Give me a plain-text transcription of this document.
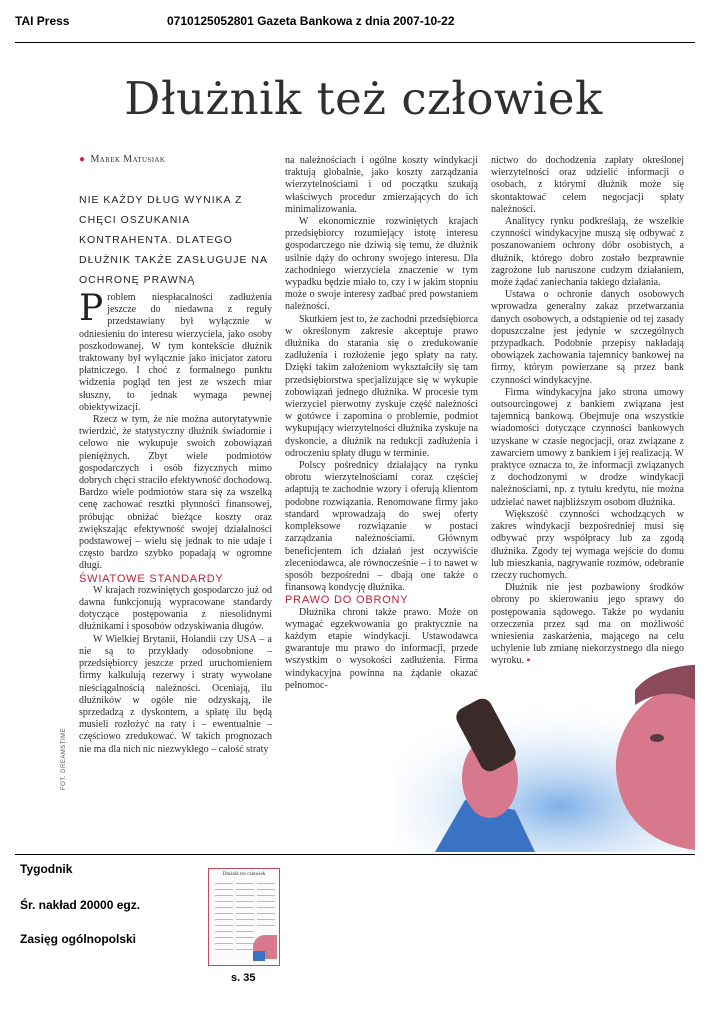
TAI Press	0710125052801 Gazeta Bankowa z dnia 2007-10-22
Dłużnik też człowiek
● Marek Matusiak
NIE KAŻDY DŁUG WYNIKA Z CHĘCI OSZUKANIA KONTRAHENTA. DLATEGO DŁUŻNIK TAKŻE ZASŁUGUJE NA OCHRONĘ PRAWNĄ

Problem niespłacalności zadłużenia jeszcze do niedawna z reguły przedstawiany był wyłącznie w odniesieniu do interesu wierzyciela, jako osoby poszkodowanej. W tym kontekście dłużnik traktowany był wyłącznie jako inicjator zatoru płatniczego. I choć z formalnego punktu widzenia pogląd ten jest ze wszech miar słuszny, to jednak wymaga pewnej obiektywizacji.

Rzecz w tym, że nie można autorytatywnie twierdzić, że statystyczny dłużnik świadomie i celowo nie wykupuje swoich zobowiązań pieniężnych. Zbyt wiele podmiotów gospodarczych i osób fizycznych mimo dobrych chęci straciło efektywność dochodową. Bardzo wiele podmiotów stara się za wszelką cenę zachować resztki płynności finansowej, próbując obniżać bieżące koszty oraz zwiększając efektywność swojej działalności podstawowej – wielu się jednak to nie udaje i często bardzo szybko popadają w ogromne długi.

ŚWIATOWE STANDARDY

W krajach rozwiniętych gospodarczo już od dawna funkcjonują wypracowane standardy dotyczące postępowania z niesolidnymi dłużnikami i sposobów odzyskiwania długów.

W Wielkiej Brytanii, Holandii czy USA – a nie są to przykłady odosobnione – przedsiębiorcy jeszcze przed uruchomieniem firmy kalkulują rezerwy i straty wywołane nieściągalnością należności. Oceniają, ilu dłużników w ogóle nie odzyskają, ile sprzedadzą z dyskontem, a spłatę ilu będą musieli rozłożyć na raty i – ewentualnie – częściowo zredukować. W takich prognozach nie ma dla nich nic niezwykłego – całość straty

FOT. DREAMSTIME

na należnościach i ogólne koszty windykacji traktują globalnie, jako koszty zarządzania wierzytelnościami i od początku szukają właściwych procedur zmierzających do ich minimalizowania.

W ekonomicznie rozwiniętych krajach przedsiębiorcy rozumiejący istotę interesu gospodarczego nie dziwią się temu, że dłużnik usilnie dąży do ochrony swojego interesu. Dla zachodniego wierzyciela znaczenie w tym wypadku będzie miało to, czy i w jakim stopniu może o swoje interesy zadbać pred powstaniem należności.

Skutkiem jest to, że zachodni przedsiębiorca w określonym zakresie akceptuje prawo dłużnika do starania się o zredukowanie zadłużenia i rozłożenie jego spłaty na raty. Dzięki takim założeniom wykształciły się tam przedsiębiorstwa specjalizujące się w wykupie zobowiązań jednego dłużnika. W procesie tym wierzyciel pierwotny zyskuje część należności w gotówce i zapomina o problemie, podmiot wykupujący wierzytelności dłużnika zyskuje na dyskoncie, a dłużnik na redukcji zadłużenia i odroczeniu spłaty długu w terminie.

Polscy pośrednicy działający na rynku obrotu wierzytelnościami coraz częściej adaptują te zachodnie wzory i oferują klientom podobne rozwiązania. Renomowane firmy jako standard wprowadzają do swej oferty kompleksowe rozwiązanie w postaci zarządzania należnościami. Głównym beneficjentem ich działań jest oczywiście zleceniodawca, ale równocześnie – i to nawet w sposób bezpośredni – dbają one także o finansową kondycję dłużnika.

PRAWO DO OBRONY

Dłużnika chroni także prawo. Może on wymagać egzekwowania go praktycznie na każdym etapie windykacji. Ustawodawca gwarantuje mu prawo do informacji, przede wszystkim o wysokości zadłużenia. Firma windykacyjna powinna na żądanie okazać pełnomoc-

nictwo do dochodzenia zapłaty określonej wierzytelności oraz udzielić informacji o osobach, z którymi dłużnik może się skontaktować celem negocjacji spłaty należności.

Analitycy rynku podkreślają, że wszelkie czynności windykacyjne muszą się odbywać z poszanowaniem ochrony dóbr osobistych, a dłużnik, którego dobro zostało bezprawnie zagrożone lub naruszone cudzym działaniem, może żądać zaniechania takiego działania.

Ustawa o ochronie danych osobowych wprowadza generalny zakaz przetwarzania danych osobowych, a odstąpienie od tej zasady dopuszczalne jest jedynie w szczególnych przypadkach. Podobnie przepisy nakładają obowiązek zachowania tajemnicy bankowej na firmy, którym powierzane są przez bank czynności windykacyjne.

Firma windykacyjna jako strona umowy outsourcingowej z bankiem związana jest tajemnicą bankową. Obejmuje ona wszystkie wiadomości dotyczące czynności bankowych uzyskane w czasie negocjacji, oraz związane z zawarciem umowy z bankiem i jej realizacją. W praktyce oznacza to, że informacji związanych z dochodzonymi w drodze windykacji należnościami, np. z tytułu kredytu, nie można udzielać nawet najbliższym osobom dłużnika.

Większość czynności wchodzących w zakres windykacji bezpośredniej musi się odbywać przy współpracy lub za zgodą dłużnika. Zgody tej wymaga wejście do domu lub mieszkania, nagrywanie rozmów, odebranie rzeczy ruchomych.

Dłużnik nie jest pozbawiony środków obrony po skierowaniu jego sprawy do postępowania sądowego. Także po wydaniu orzeczenia przez sąd ma on możliwość wniesienia zaskarżenia, mającego na celu uchylenie lub zmianę niekorzystnego dla niego wyroku. ▪

Tygodnik
Śr. nakład 20000 egz.
Zasięg ogólnopolski
Dłużnik też człowiek
s. 35
